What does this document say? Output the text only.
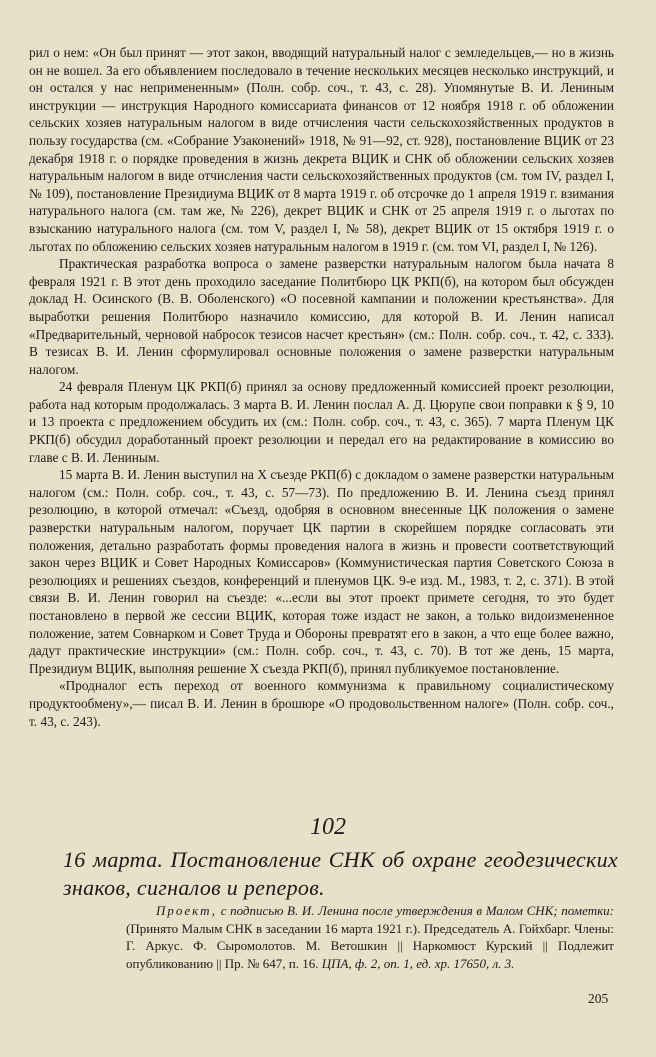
рил о нем: «Он был принят — этот закон, вводящий натуральный налог с земледельцев,— но в жизнь он не вошел. За его объявлением последовало в течение нескольких месяцев несколько инструкций, и он остался у нас непримененным» (Полн. собр. соч., т. 43, с. 28). Упомянутые В. И. Лениным инструкции — инструкция Народного комиссариата финансов от 12 ноября 1918 г. об обложении сельских хозяев натуральным налогом в виде отчисления части сельскохозяйственных продуктов в пользу государства (см. «Собрание Узаконений» 1918, № 91—92, ст. 928), постановление ВЦИК от 23 декабря 1918 г. о порядке проведения в жизнь декрета ВЦИК и СНК об обложении сельских хозяев натуральным налогом в виде отчисления части сельскохозяйственных продуктов (см. том IV, раздел I, № 109), постановление Президиума ВЦИК от 8 марта 1919 г. об отсрочке до 1 апреля 1919 г. взимания натурального налога (см. там же, № 226), декрет ВЦИК и СНК от 25 апреля 1919 г. о льготах по взысканию натурального налога (см. том V, раздел I, № 58), декрет ВЦИК от 15 октября 1919 г. о льготах по обложению сельских хозяев натуральным налогом в 1919 г. (см. том VI, раздел I, № 126).

Практическая разработка вопроса о замене разверстки натуральным налогом была начата 8 февраля 1921 г. В этот день проходило заседание Политбюро ЦК РКП(б), на котором был обсужден доклад Н. Осинского (В. В. Оболенского) «О посевной кампании и положении крестьянства». Для выработки решения Политбюро назначило комиссию, для которой В. И. Ленин написал «Предварительный, черновой набросок тезисов насчет крестьян» (см.: Полн. собр. соч., т. 42, с. 333). В тезисах В. И. Ленин сформулировал основные положения о замене разверстки натуральным налогом.

24 февраля Пленум ЦК РКП(б) принял за основу предложенный комиссией проект резолюции, работа над которым продолжалась. 3 марта В. И. Ленин послал А. Д. Цюрупе свои поправки к § 9, 10 и 13 проекта с предложением обсудить их (см.: Полн. собр. соч., т. 43, с. 365). 7 марта Пленум ЦК РКП(б) обсудил доработанный проект резолюции и передал его на редактирование в комиссию во главе с В. И. Лениным.

15 марта В. И. Ленин выступил на X съезде РКП(б) с докладом о замене разверстки натуральным налогом (см.: Полн. собр. соч., т. 43, с. 57—73). По предложению В. И. Ленина съезд принял резолюцию, в которой отмечал: «Съезд, одобряя в основном внесенные ЦК положения о замене разверстки натуральным налогом, поручает ЦК партии в скорейшем порядке согласовать эти положения, детально разработать формы проведения налога в жизнь и провести соответствующий закон через ВЦИК и Совет Народных Комиссаров» (Коммунистическая партия Советского Союза в резолюциях и решениях съездов, конференций и пленумов ЦК. 9-е изд. М., 1983, т. 2, с. 371). В этой связи В. И. Ленин говорил на съезде: «...если вы этот проект примете сегодня, то это будет постановлено в первой же сессии ВЦИК, которая тоже издаст не закон, а только видоизмененное положение, затем Совнарком и Совет Труда и Обороны превратят его в закон, а что еще более важно, дадут практические инструкции» (см.: Полн. собр. соч., т. 43, с. 70). В тот же день, 15 марта, Президиум ВЦИК, выполняя решение X съезда РКП(б), принял публикуемое постановление.

«Продналог есть переход от военного коммунизма к правильному социалистическому продуктообмену»,— писал В. И. Ленин в брошюре «О продовольственном налоге» (Полн. собр. соч., т. 43, с. 243).

102
16 марта. Постановление СНК об охране геодезических знаков, сигналов и реперов.
Проект, с подписью В. И. Ленина после утверждения в Малом СНК; пометки: (Принято Малым СНК в заседании 16 марта 1921 г.). Председатель А. Гойхбарг. Члены: Г. Аркус. Ф. Сыромолотов. М. Ветошкин || Наркомюст Курский || Подлежит опубликованию || Пр. № 647, п. 16. ЦПА, ф. 2, оп. 1, ед. хр. 17650, л. 3.
205
